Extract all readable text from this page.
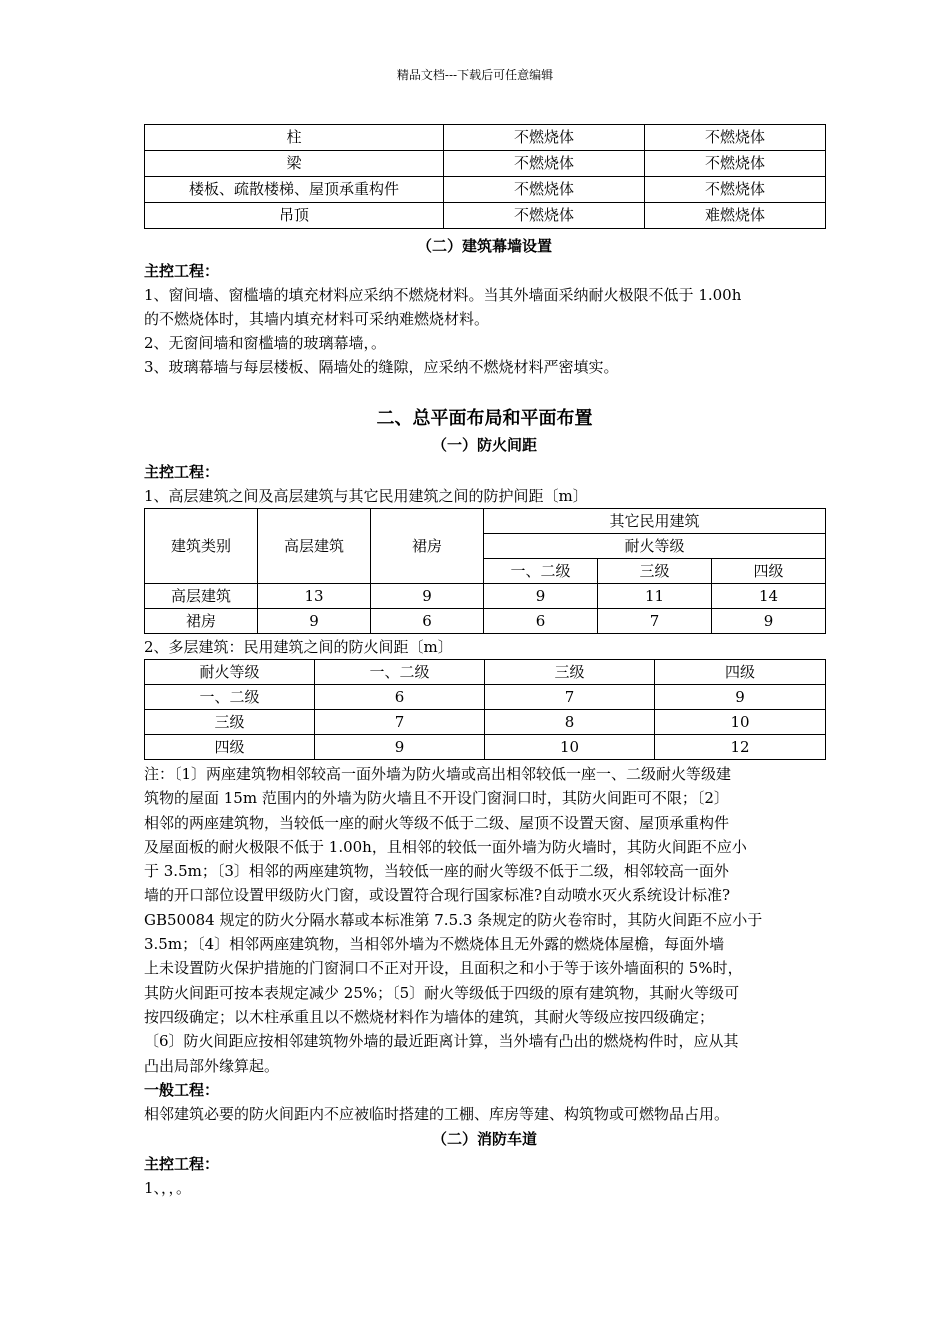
精品文档---下载后可任意编辑
柱	不燃烧体	不燃烧体
梁	不燃烧体	不燃烧体
楼板、疏散楼梯、屋顶承重构件	不燃烧体	不燃烧体
吊顶	不燃烧体	难燃烧体
（二）建筑幕墙设置
主控工程：
1、窗间墙、窗槛墙的填充材料应采纳不燃烧材料。当其外墙面采纳耐火极限不低于 1.00h
的不燃烧体时，其墙内填充材料可采纳难燃烧材料。
2、无窗间墙和窗槛墙的玻璃幕墙，。
3、玻璃幕墙与每层楼板、隔墙处的缝隙，应采纳不燃烧材料严密填实。
二、总平面布局和平面布置
（一）防火间距
主控工程：
1、高层建筑之间及高层建筑与其它民用建筑之间的防护间距〔m〕
建筑类别	高层建筑	裙房	其它民用建筑		
			耐火等级		
			一、二级	三级	四级
高层建筑	13	9	9	11	14
裙房	9	6	6	7	9
2、多层建筑：民用建筑之间的防火间距〔m〕
耐火等级	一、二级	三级	四级
一、二级	6	7	9
三级	7	8	10
四级	9	10	12
注：〔1〕两座建筑物相邻较高一面外墙为防火墙或高出相邻较低一座一、二级耐火等级建
筑物的屋面 15m 范围内的外墙为防火墙且不开设门窗洞口时，其防火间距可不限；〔2〕
相邻的两座建筑物，当较低一座的耐火等级不低于二级、屋顶不设置天窗、屋顶承重构件
及屋面板的耐火极限不低于 1.00h，且相邻的较低一面外墙为防火墙时，其防火间距不应小
于 3.5m；〔3〕相邻的两座建筑物，当较低一座的耐火等级不低于二级，相邻较高一面外
墙的开口部位设置甲级防火门窗，或设置符合现行国家标准?自动喷水灭火系统设计标准?
GB50084 规定的防火分隔水幕或本标准第 7.5.3 条规定的防火卷帘时，其防火间距不应小于
3.5m；〔4〕相邻两座建筑物，当相邻外墙为不燃烧体且无外露的燃烧体屋檐，每面外墙
上未设置防火保护措施的门窗洞口不正对开设，且面积之和小于等于该外墙面积的 5%时，
其防火间距可按本表规定减少 25%；〔5〕耐火等级低于四级的原有建筑物，其耐火等级可
按四级确定；以木柱承重且以不燃烧材料作为墙体的建筑，其耐火等级应按四级确定；
〔6〕防火间距应按相邻建筑物外墙的最近距离计算，当外墙有凸出的燃烧构件时，应从其
凸出局部外缘算起。
一般工程：
相邻建筑必要的防火间距内不应被临时搭建的工棚、库房等建、构筑物或可燃物品占用。
（二）消防车道
主控工程：
1、，，。
